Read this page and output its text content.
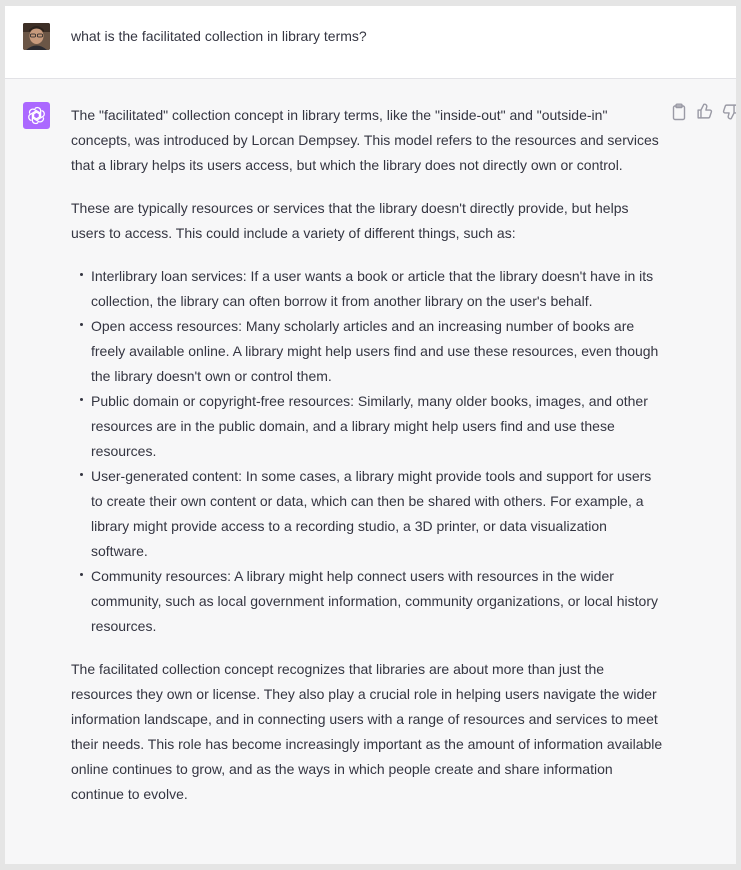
what is the facilitated collection in library terms?

The "facilitated" collection concept in library terms, like the "inside-out" and "outside-in" concepts, was introduced by Lorcan Dempsey. This model refers to the resources and services that a library helps its users access, but which the library does not directly own or control.

These are typically resources or services that the library doesn't directly provide, but helps users to access. This could include a variety of different things, such as:

Interlibrary loan services: If a user wants a book or article that the library doesn't have in its collection, the library can often borrow it from another library on the user's behalf.
Open access resources: Many scholarly articles and an increasing number of books are freely available online. A library might help users find and use these resources, even though the library doesn't own or control them.
Public domain or copyright-free resources: Similarly, many older books, images, and other resources are in the public domain, and a library might help users find and use these resources.
User-generated content: In some cases, a library might provide tools and support for users to create their own content or data, which can then be shared with others. For example, a library might provide access to a recording studio, a 3D printer, or data visualization software.
Community resources: A library might help connect users with resources in the wider community, such as local government information, community organizations, or local history resources.

The facilitated collection concept recognizes that libraries are about more than just the resources they own or license. They also play a crucial role in helping users navigate the wider information landscape, and in connecting users with a range of resources and services to meet their needs. This role has become increasingly important as the amount of information available online continues to grow, and as the ways in which people create and share information continue to evolve.
